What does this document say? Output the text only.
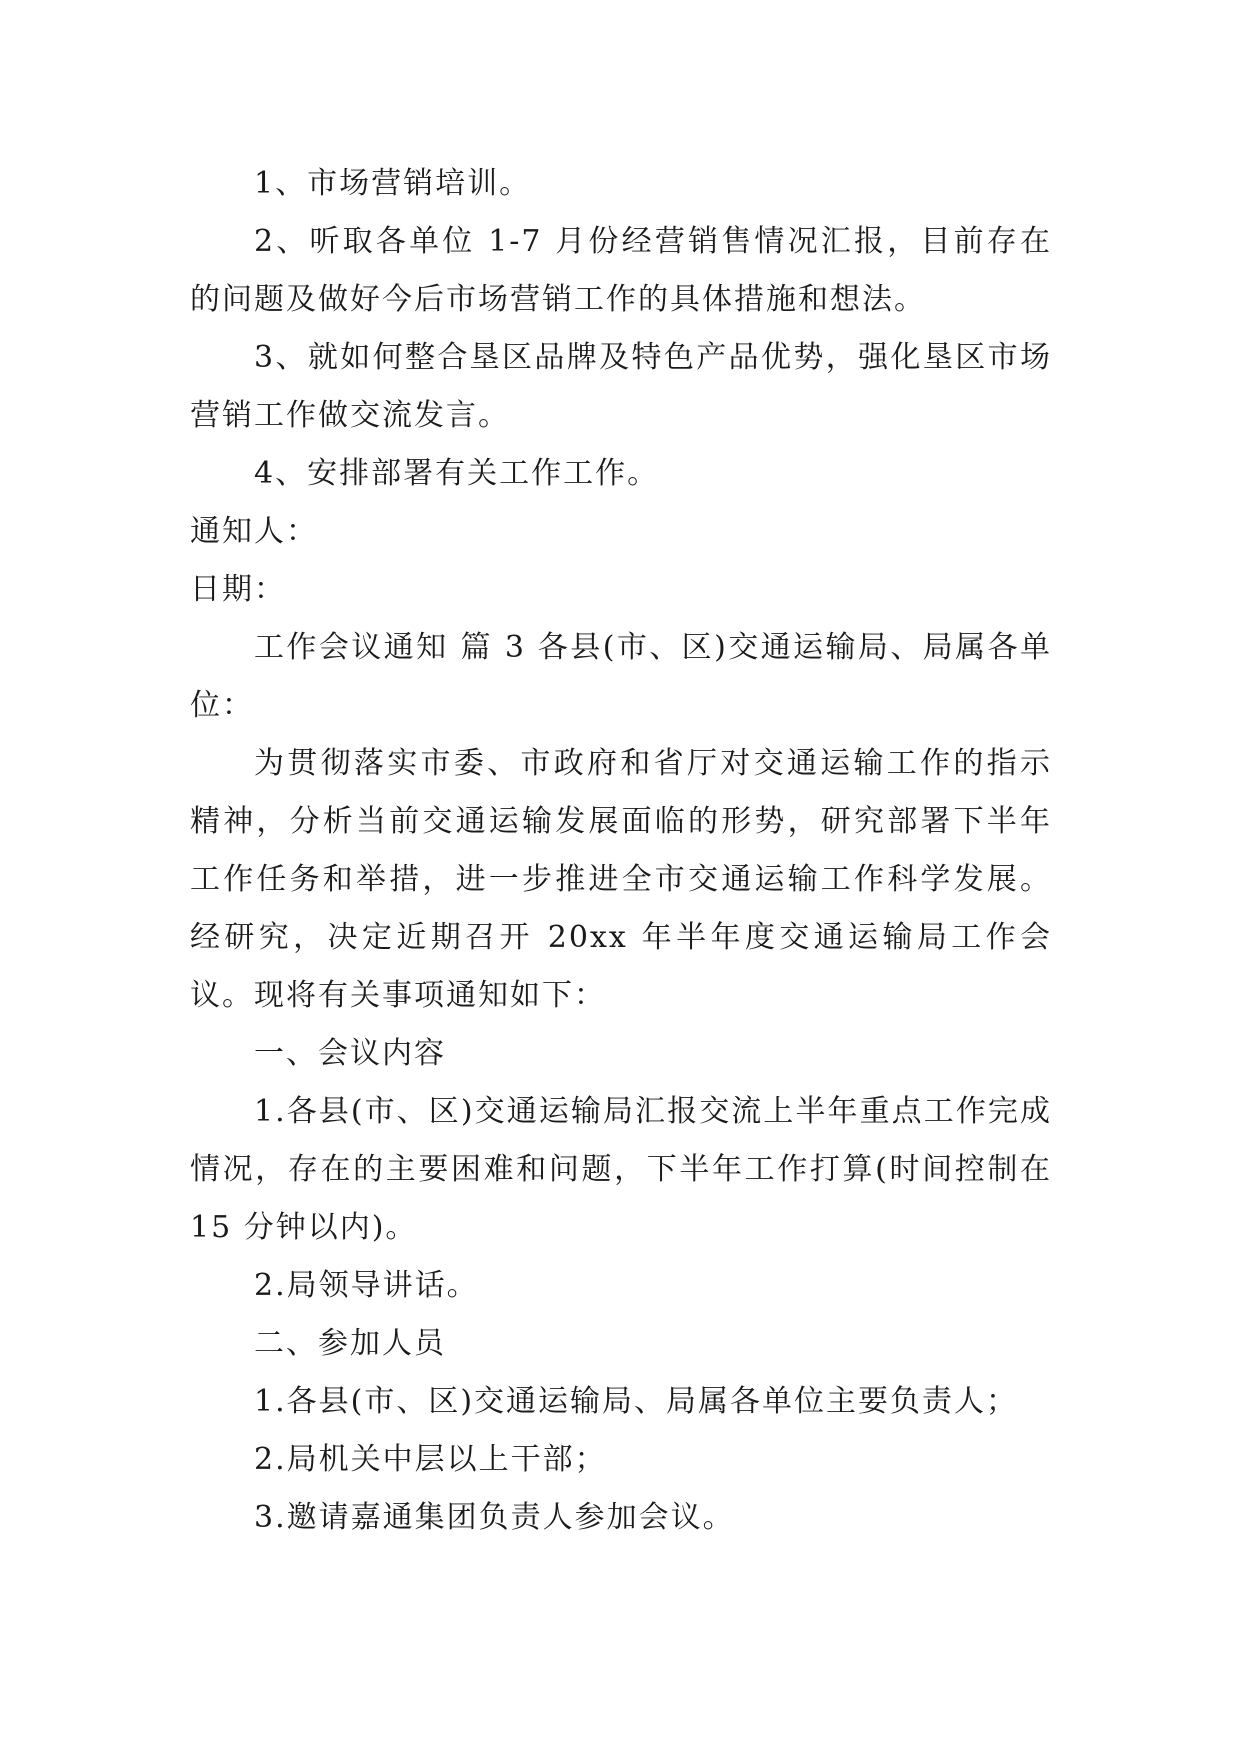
1、市场营销培训。

2、听取各单位 1-7 月份经营销售情况汇报，目前存在的问题及做好今后市场营销工作的具体措施和想法。

3、就如何整合垦区品牌及特色产品优势，强化垦区市场营销工作做交流发言。

4、安排部署有关工作工作。

通知人：

日期：

工作会议通知 篇 3 各县(市、区)交通运输局、局属各单位：

为贯彻落实市委、市政府和省厅对交通运输工作的指示精神，分析当前交通运输发展面临的形势，研究部署下半年工作任务和举措，进一步推进全市交通运输工作科学发展。经研究，决定近期召开 20xx 年半年度交通运输局工作会议。现将有关事项通知如下：

一、会议内容

1.各县(市、区)交通运输局汇报交流上半年重点工作完成情况，存在的主要困难和问题，下半年工作打算(时间控制在 15 分钟以内)。

2.局领导讲话。

二、参加人员

1.各县(市、区)交通运输局、局属各单位主要负责人；

2.局机关中层以上干部；

3.邀请嘉通集团负责人参加会议。
